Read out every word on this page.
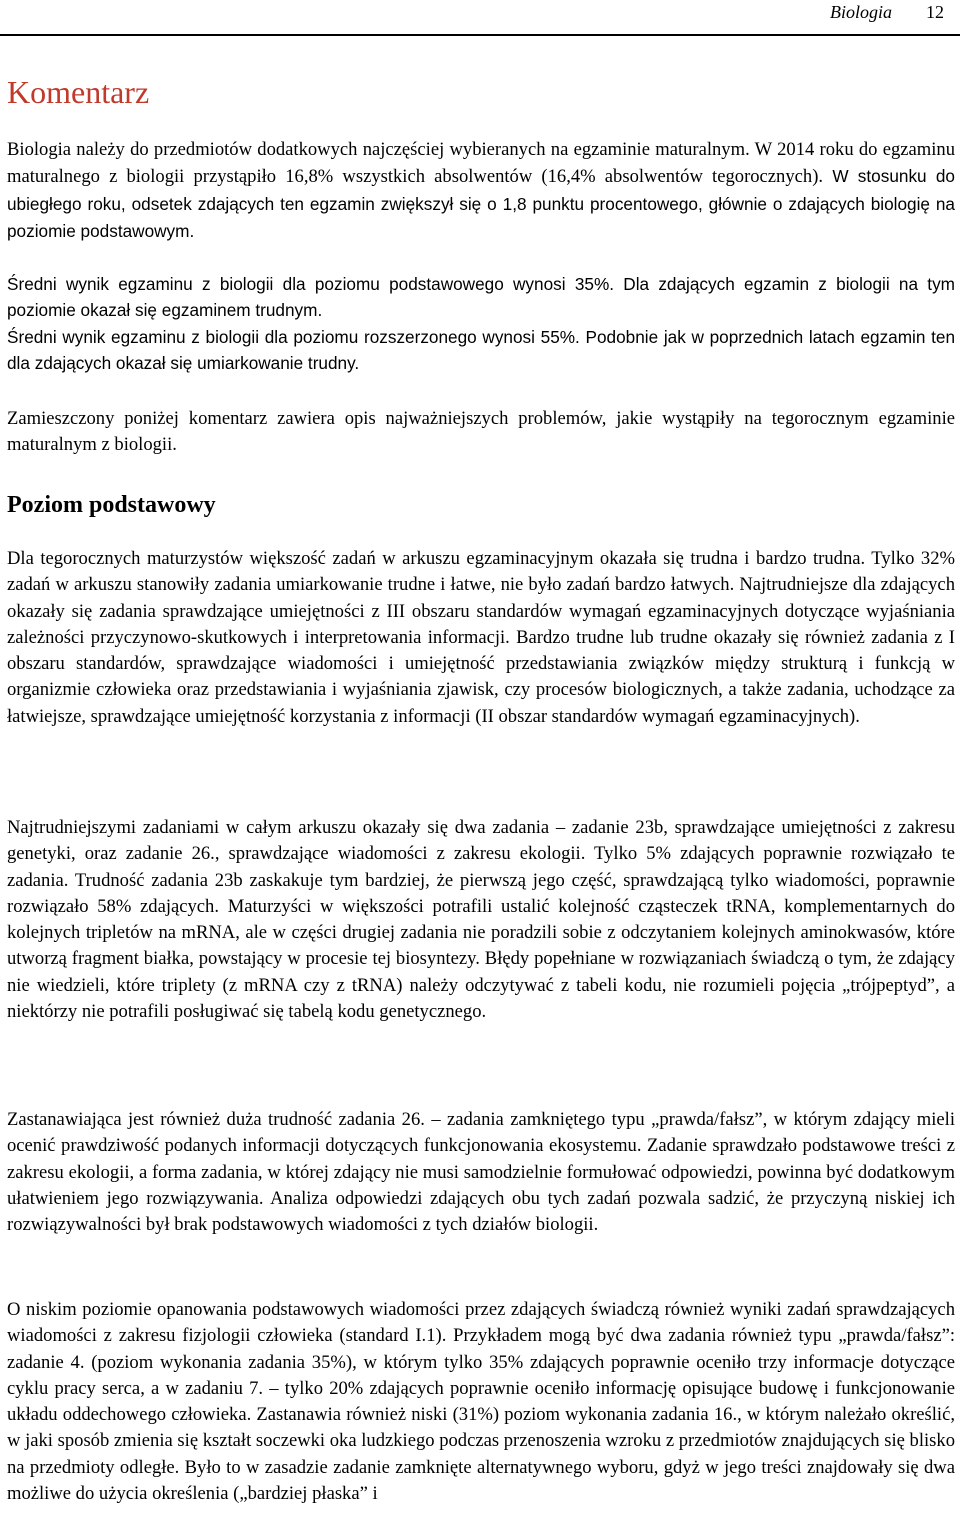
Biologia 12
Komentarz

Biologia należy do przedmiotów dodatkowych najczęściej wybieranych na egzaminie maturalnym. W 2014 roku do egzaminu maturalnego z biologii przystąpiło 16,8% wszystkich absolwentów (16,4% absolwentów tegorocznych). W stosunku do ubiegłego roku, odsetek zdających ten egzamin zwiększył się o 1,8 punktu procentowego, głównie o zdających biologię na poziomie podstawowym.

Średni wynik egzaminu z biologii dla poziomu podstawowego wynosi 35%. Dla zdających egzamin z biologii na tym poziomie okazał się egzaminem trudnym.

Średni wynik egzaminu z biologii dla poziomu rozszerzonego wynosi 55%. Podobnie jak w poprzednich latach egzamin ten dla zdających okazał się umiarkowanie trudny.

Zamieszczony poniżej komentarz zawiera opis najważniejszych problemów, jakie wystąpiły na tegorocznym egzaminie maturalnym z biologii.

Poziom podstawowy

Dla tegorocznych maturzystów większość zadań w arkuszu egzaminacyjnym okazała się trudna i bardzo trudna. Tylko 32% zadań w arkuszu stanowiły zadania umiarkowanie trudne i łatwe, nie było zadań bardzo łatwych. Najtrudniejsze dla zdających okazały się zadania sprawdzające umiejętności z III obszaru standardów wymagań egzaminacyjnych dotyczące wyjaśniania zależności przyczynowo-skutkowych i interpretowania informacji. Bardzo trudne lub trudne okazały się również zadania z I obszaru standardów, sprawdzające wiadomości i umiejętność przedstawiania związków między strukturą i funkcją w organizmie człowieka oraz przedstawiania i wyjaśniania zjawisk, czy procesów biologicznych, a także zadania, uchodzące za łatwiejsze, sprawdzające umiejętność korzystania z informacji (II obszar standardów wymagań egzaminacyjnych).

Najtrudniejszymi zadaniami w całym arkuszu okazały się dwa zadania – zadanie 23b, sprawdzające umiejętności z zakresu genetyki, oraz zadanie 26., sprawdzające wiadomości z zakresu ekologii. Tylko 5% zdających poprawnie rozwiązało te zadania. Trudność zadania 23b zaskakuje tym bardziej, że pierwszą jego część, sprawdzającą tylko wiadomości, poprawnie rozwiązało 58% zdających. Maturzyści w większości potrafili ustalić kolejność cząsteczek tRNA, komplementarnych do kolejnych tripletów na mRNA, ale w części drugiej zadania nie poradzili sobie z odczytaniem kolejnych aminokwasów, które utworzą fragment białka, powstający w procesie tej biosyntezy. Błędy popełniane w rozwiązaniach świadczą o tym, że zdający nie wiedzieli, które triplety (z mRNA czy z tRNA) należy odczytywać z tabeli kodu, nie rozumieli pojęcia „trójpeptyd”, a niektórzy nie potrafili posługiwać się tabelą kodu genetycznego.

Zastanawiająca jest również duża trudność zadania 26. – zadania zamkniętego typu „prawda/fałsz”, w którym zdający mieli ocenić prawdziwość podanych informacji dotyczących funkcjonowania ekosystemu. Zadanie sprawdzało podstawowe treści z zakresu ekologii, a forma zadania, w której zdający nie musi samodzielnie formułować odpowiedzi, powinna być dodatkowym ułatwieniem jego rozwiązywania. Analiza odpowiedzi zdających obu tych zadań pozwala sadzić, że przyczyną niskiej ich rozwiązywalności był brak podstawowych wiadomości z tych działów biologii.

O niskim poziomie opanowania podstawowych wiadomości przez zdających świadczą również wyniki zadań sprawdzających wiadomości z zakresu fizjologii człowieka (standard I.1). Przykładem mogą być dwa zadania również typu „prawda/fałsz”: zadanie 4. (poziom wykonania zadania 35%), w którym tylko 35% zdających poprawnie oceniło trzy informacje dotyczące cyklu pracy serca, a w zadaniu 7. – tylko 20% zdających poprawnie oceniło informację opisujące budowę i funkcjonowanie układu oddechowego człowieka. Zastanawia również niski (31%) poziom wykonania zadania 16., w którym należało określić, w jaki sposób zmienia się kształt soczewki oka ludzkiego podczas przenoszenia wzroku z przedmiotów znajdujących się blisko na przedmioty odległe. Było to w zasadzie zadanie zamknięte alternatywnego wyboru, gdyż w jego treści znajdowały się dwa możliwe do użycia określenia („bardziej płaska” i
